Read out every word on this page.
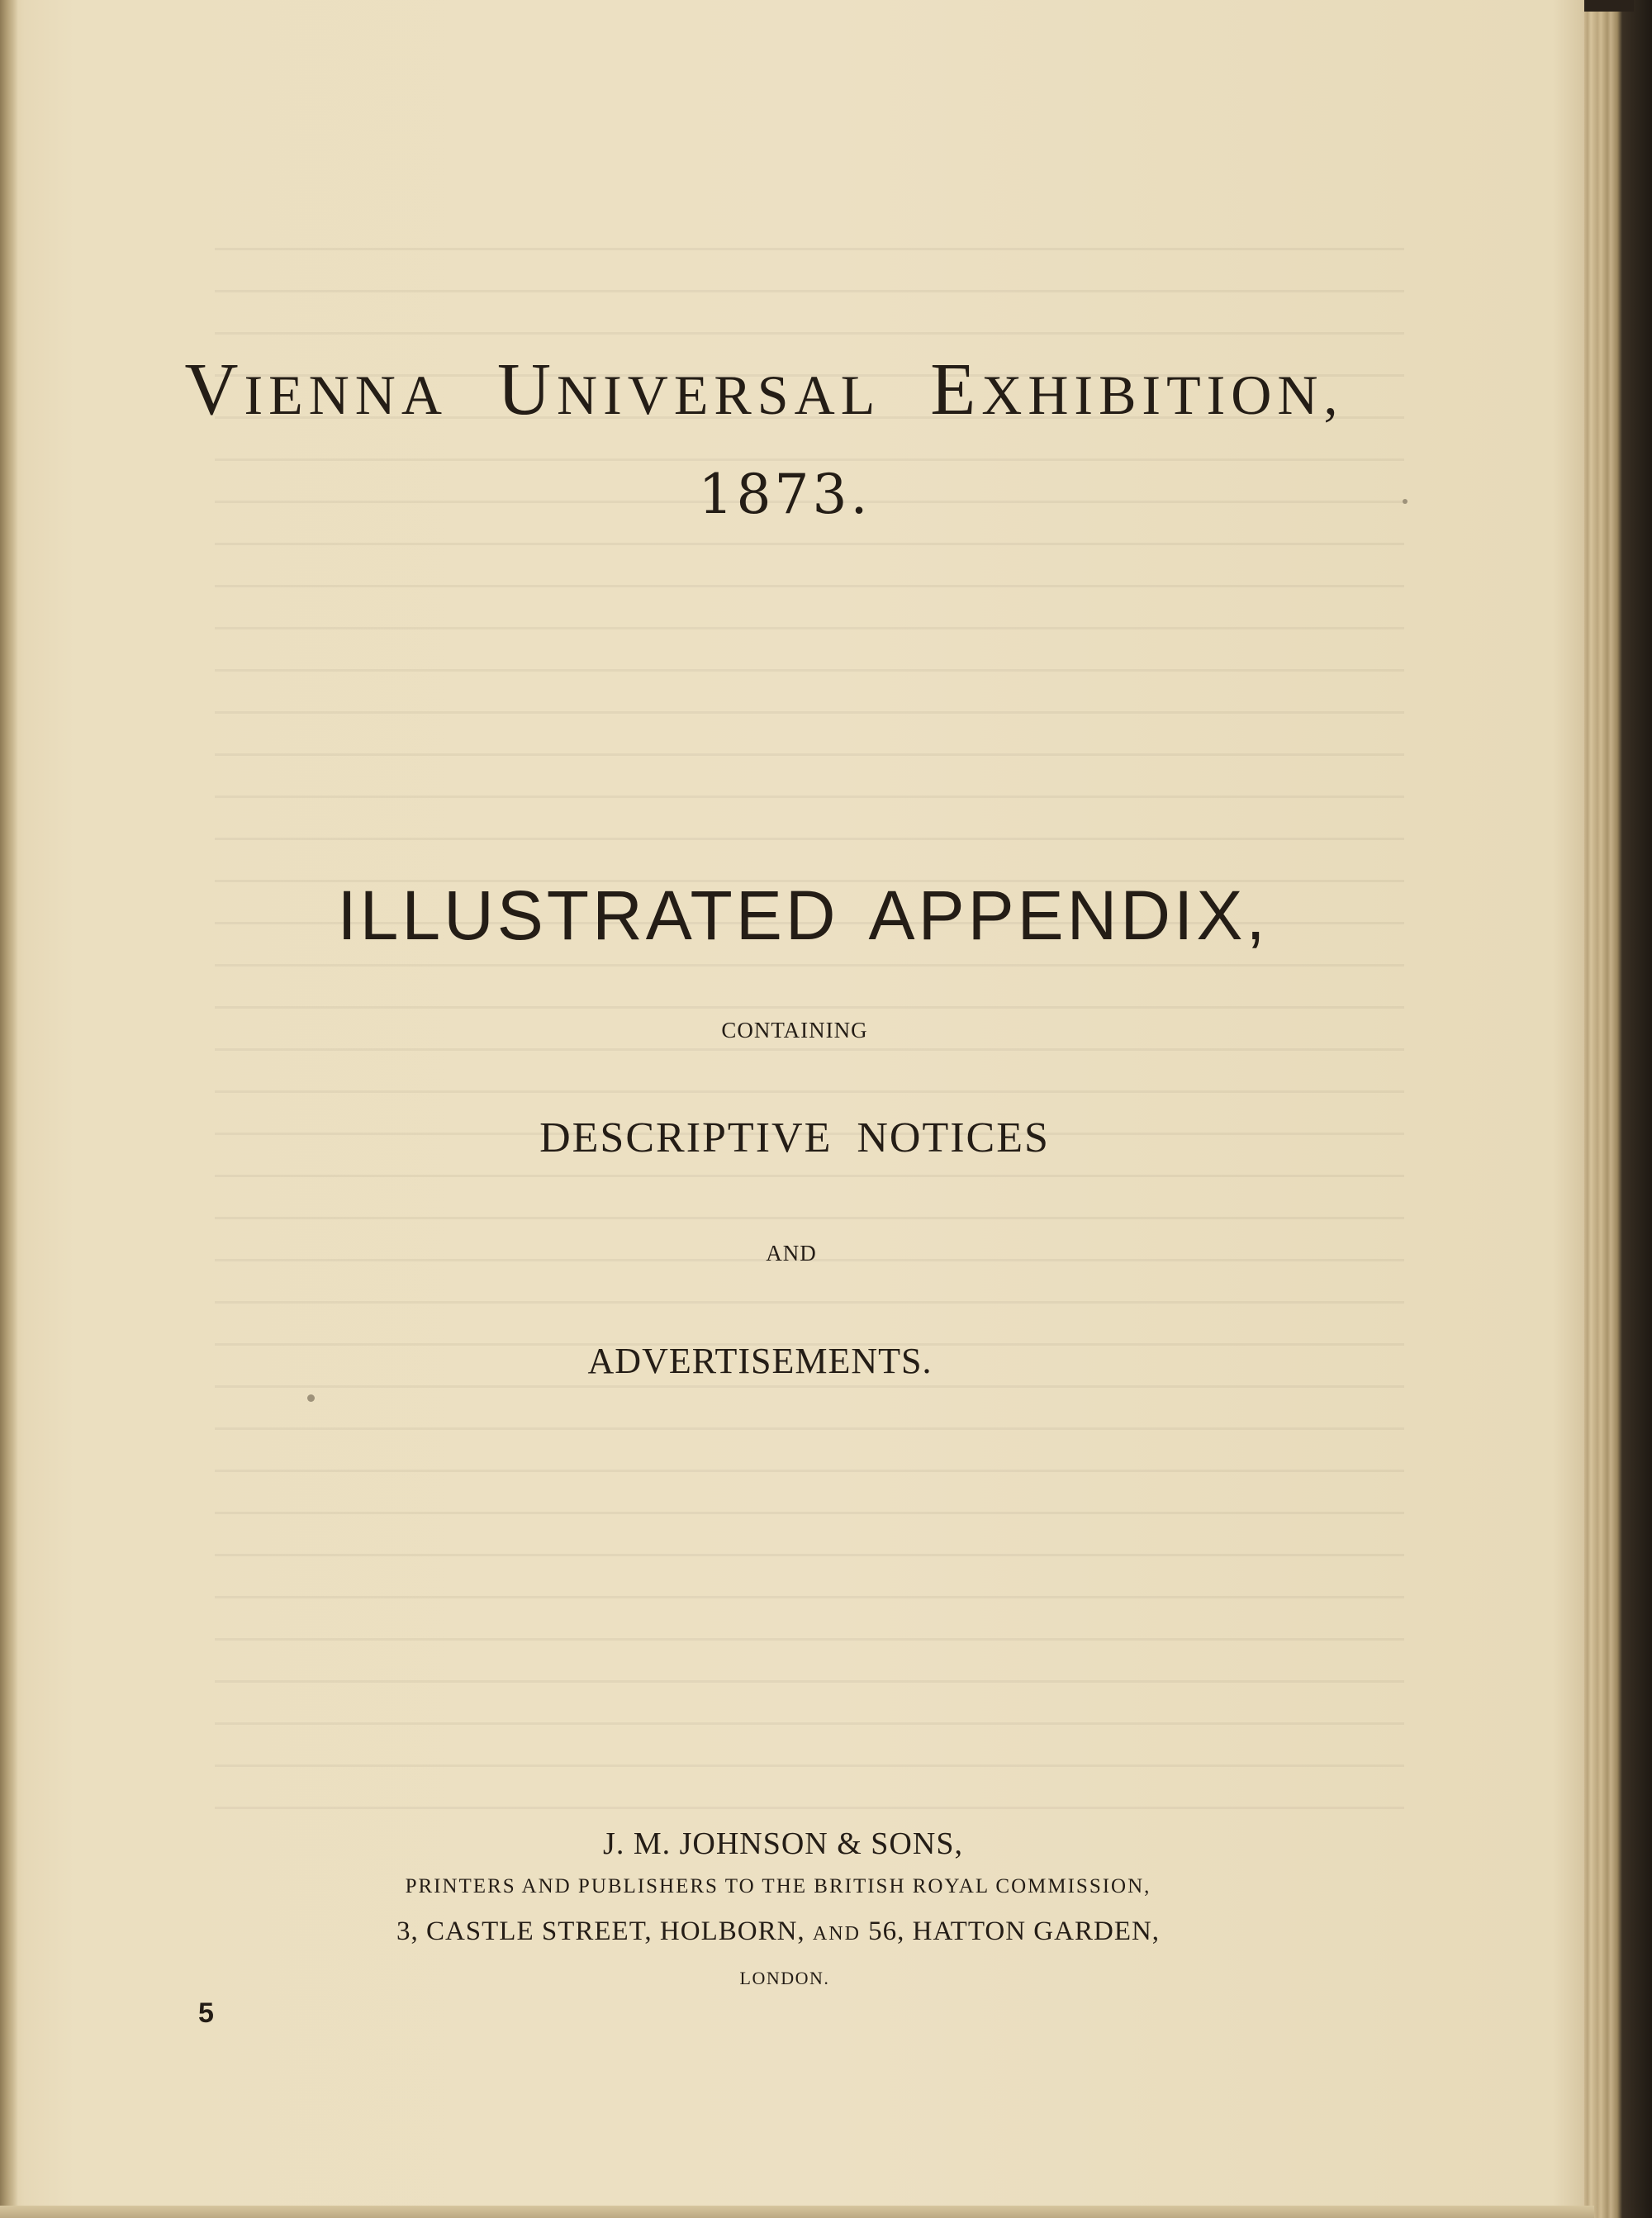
VIENNA UNIVERSAL EXHIBITION,
1873.
ILLUSTRATED APPENDIX,
CONTAINING
DESCRIPTIVE NOTICES
AND
ADVERTISEMENTS.
J. M. JOHNSON & SONS,
PRINTERS AND PUBLISHERS TO THE BRITISH ROYAL COMMISSION,
3, CASTLE STREET, HOLBORN, AND 56, HATTON GARDEN,
LONDON.
5
